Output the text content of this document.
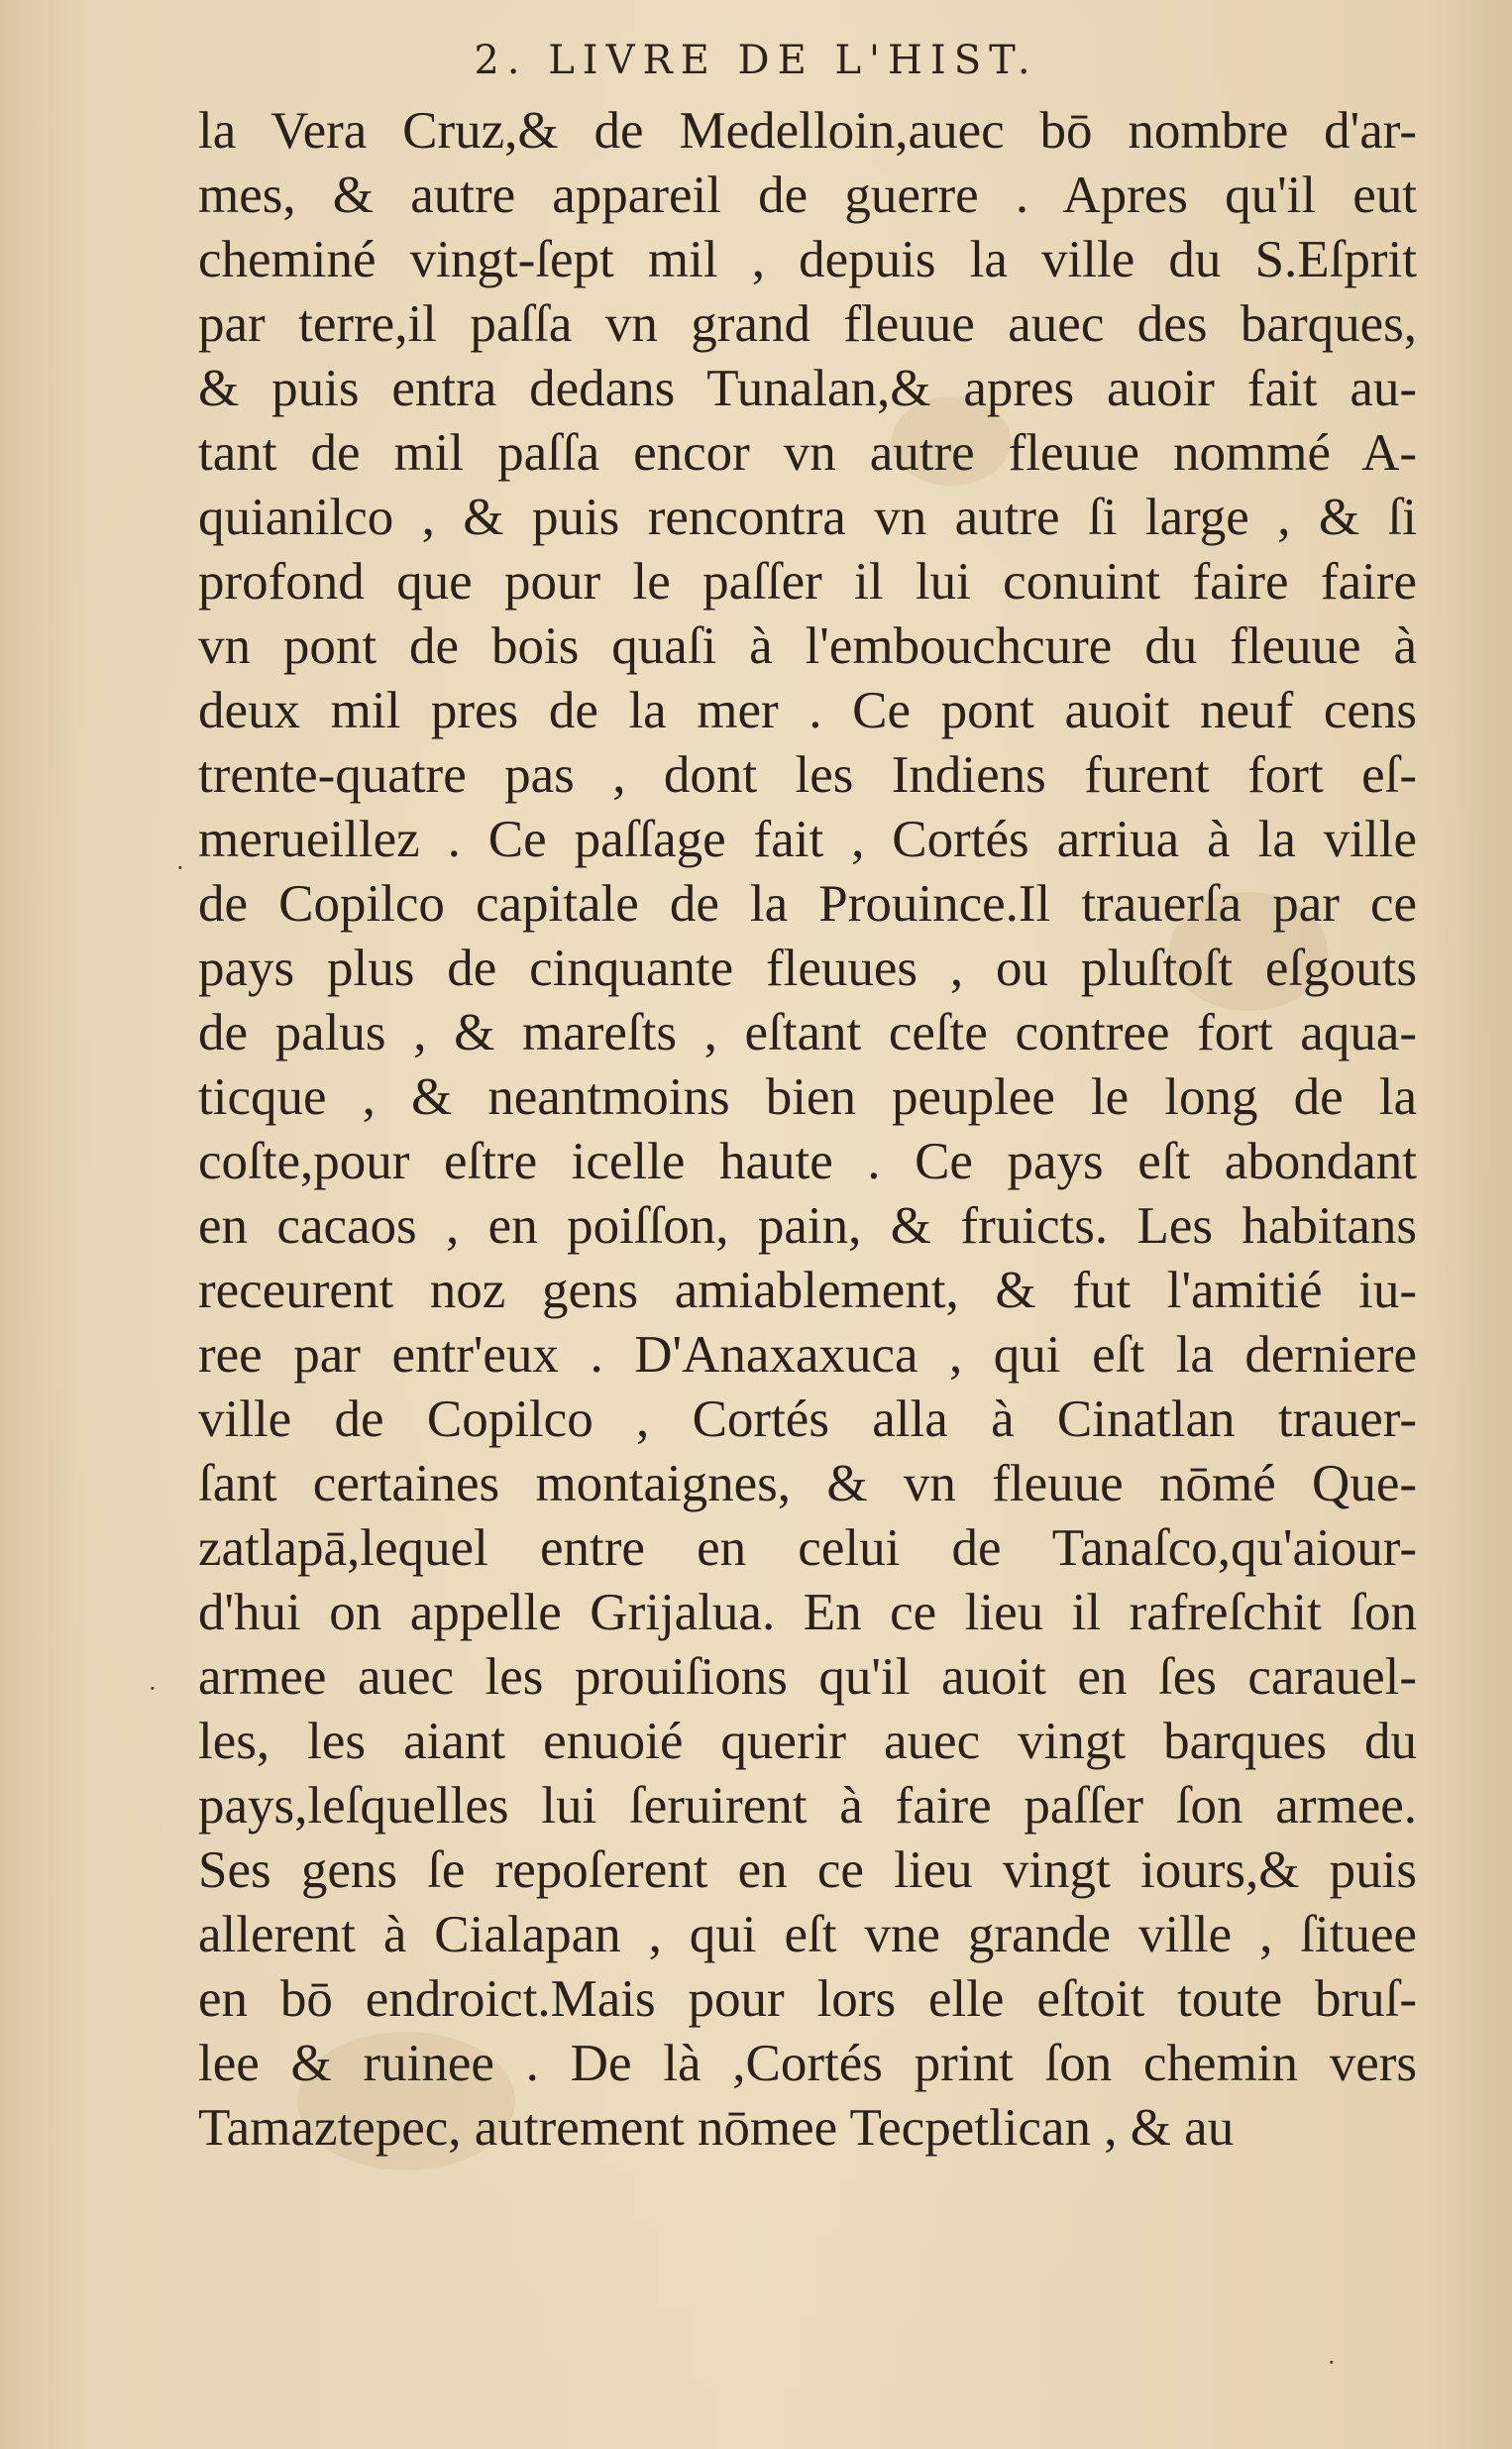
2. LIVRE DE L'HIST.
la Vera Cruz,& de Medelloin,auec bō nombre d'ar-
mes, & autre appareil de guerre . Apres qu'il eut
cheminé vingt-ſept mil , depuis la ville du S.Eſprit
par terre,il paſſa vn grand fleuue auec des barques,
& puis entra dedans Tunalan,& apres auoir fait au-
tant de mil paſſa encor vn autre fleuue nommé A-
quianilco , & puis rencontra vn autre ſi large , & ſi
profond que pour le paſſer il lui conuint faire faire
vn pont de bois quaſi à l'embouchcure du fleuue à
deux mil pres de la mer . Ce pont auoit neuf cens
trente-quatre pas , dont les Indiens furent fort eſ-
merueillez . Ce paſſage fait , Cortés arriua à la ville
de Copilco capitale de la Prouince.Il trauerſa par ce
pays plus de cinquante fleuues , ou pluſtoſt eſgouts
de palus , & mareſts , eſtant ceſte contree fort aqua-
ticque , & neantmoins bien peuplee le long de la
coſte,pour eſtre icelle haute . Ce pays eſt abondant
en cacaos , en poiſſon, pain, & fruicts. Les habitans
receurent noz gens amiablement, & fut l'amitié iu-
ree par entr'eux . D'Anaxaxuca , qui eſt la derniere
ville de Copilco , Cortés alla à Cinatlan trauer-
ſant certaines montaignes, & vn fleuue nōmé Que-
zatlapā,lequel entre en celui de Tanaſco,qu'aiour-
d'hui on appelle Grijalua. En ce lieu il rafreſchit ſon
armee auec les prouiſions qu'il auoit en ſes carauel-
les, les aiant enuoié querir auec vingt barques du
pays,leſquelles lui ſeruirent à faire paſſer ſon armee.
Ses gens ſe repoſerent en ce lieu vingt iours,& puis
allerent à Cialapan , qui eſt vne grande ville , ſituee
en bō endroict.Mais pour lors elle eſtoit toute bruſ-
lee & ruinee . De là ,Cortés print ſon chemin vers
Tamaztepec, autrement nōmee Tecpetlican , & au
·
·
·
